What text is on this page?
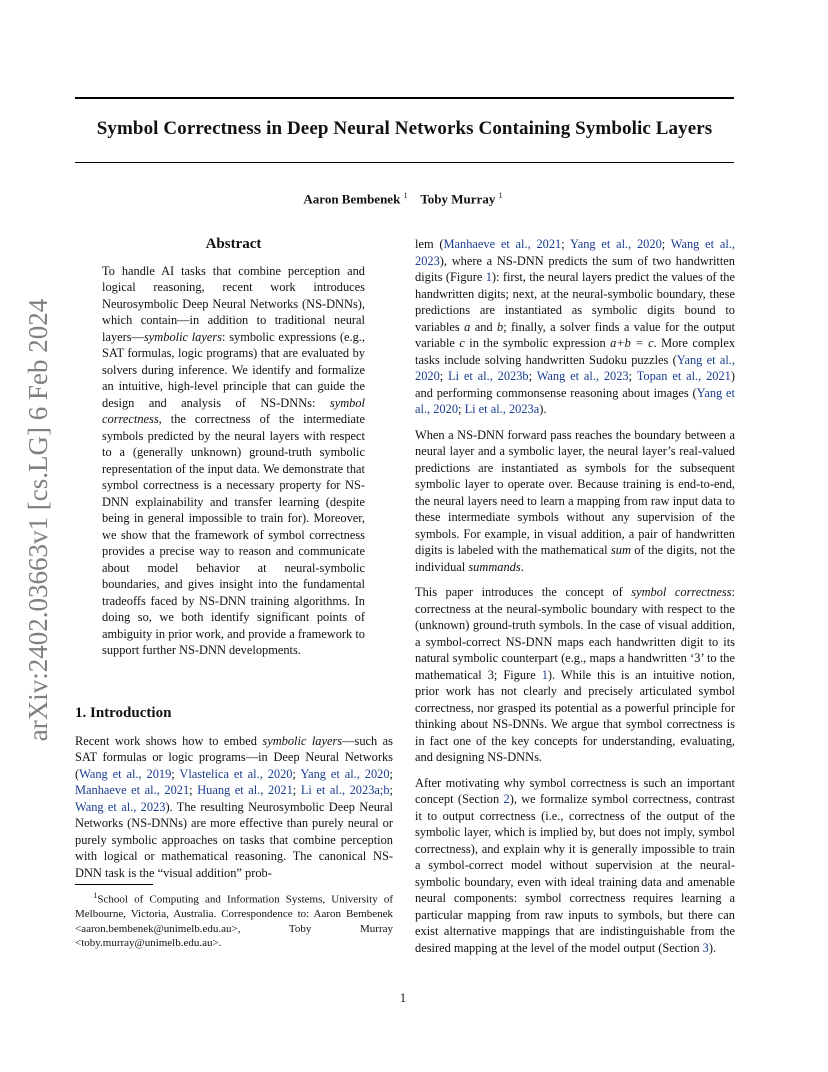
Symbol Correctness in Deep Neural Networks Containing Symbolic Layers
Aaron Bembenek $^1$ Toby Murray $^1$
arXiv:2402.03663v1 [cs.LG] 6 Feb 2024
Abstract

To handle AI tasks that combine perception and logical reasoning, recent work introduces Neurosymbolic Deep Neural Networks (NS-DNNs), which contain—in addition to traditional neural layers—symbolic layers: symbolic expressions (e.g., SAT formulas, logic programs) that are evaluated by solvers during inference. We identify and formalize an intuitive, high-level principle that can guide the design and analysis of NS-DNNs: symbol correctness, the correctness of the intermediate symbols predicted by the neural layers with respect to a (generally unknown) ground-truth symbolic representation of the input data. We demonstrate that symbol correctness is a necessary property for NS-DNN explainability and transfer learning (despite being in general impossible to train for). Moreover, we show that the framework of symbol correctness provides a precise way to reason and communicate about model behavior at neural-symbolic boundaries, and gives insight into the fundamental tradeoffs faced by NS-DNN training algorithms. In doing so, we both identify significant points of ambiguity in prior work, and provide a framework to support further NS-DNN developments.

1. Introduction

Recent work shows how to embed symbolic layers—such as SAT formulas or logic programs—in Deep Neural Networks (Wang et al., 2019; Vlastelica et al., 2020; Yang et al., 2020; Manhaeve et al., 2021; Huang et al., 2021; Li et al., 2023a;b; Wang et al., 2023). The resulting Neurosymbolic Deep Neural Networks (NS-DNNs) are more effective than purely neural or purely symbolic approaches on tasks that combine perception with logical or mathematical reasoning. The canonical NS-DNN task is the “visual addition” prob-

$^1$School of Computing and Information Systems, University of Melbourne, Victoria, Australia. Correspondence to: Aaron Bembenek <aaron.bembenek@unimelb.edu.au>, Toby Murray <toby.murray@unimelb.edu.au>.

lem (Manhaeve et al., 2021; Yang et al., 2020; Wang et al., 2023), where a NS-DNN predicts the sum of two handwritten digits (Figure 1): first, the neural layers predict the values of the handwritten digits; next, at the neural-symbolic boundary, these predictions are instantiated as symbolic digits bound to variables a and b; finally, a solver finds a value for the output variable c in the symbolic expression a+b = c. More complex tasks include solving handwritten Sudoku puzzles (Yang et al., 2020; Li et al., 2023b; Wang et al., 2023; Topan et al., 2021) and performing commonsense reasoning about images (Yang et al., 2020; Li et al., 2023a).

When a NS-DNN forward pass reaches the boundary between a neural layer and a symbolic layer, the neural layer’s real-valued predictions are instantiated as symbols for the subsequent symbolic layer to operate over. Because training is end-to-end, the neural layers need to learn a mapping from raw input data to these intermediate symbols without any supervision of the symbols. For example, in visual addition, a pair of handwritten digits is labeled with the mathematical sum of the digits, not the individual summands.

This paper introduces the concept of symbol correctness: correctness at the neural-symbolic boundary with respect to the (unknown) ground-truth symbols. In the case of visual addition, a symbol-correct NS-DNN maps each handwritten digit to its natural symbolic counterpart (e.g., maps a handwritten ‘3’ to the mathematical 3; Figure 1). While this is an intuitive notion, prior work has not clearly and precisely articulated symbol correctness, nor grasped its potential as a powerful principle for thinking about NS-DNNs. We argue that symbol correctness is in fact one of the key concepts for understanding, evaluating, and designing NS-DNNs.

After motivating why symbol correctness is such an important concept (Section 2), we formalize symbol correctness, contrast it to output correctness (i.e., correctness of the output of the symbolic layer, which is implied by, but does not imply, symbol correctness), and explain why it is generally impossible to train a symbol-correct model without supervision at the neural-symbolic boundary, even with ideal training data and amenable neural components: symbol correctness requires learning a particular mapping from raw inputs to symbols, but there can exist alternative mappings that are indistinguishable from the desired mapping at the level of the model output (Section 3).

1
